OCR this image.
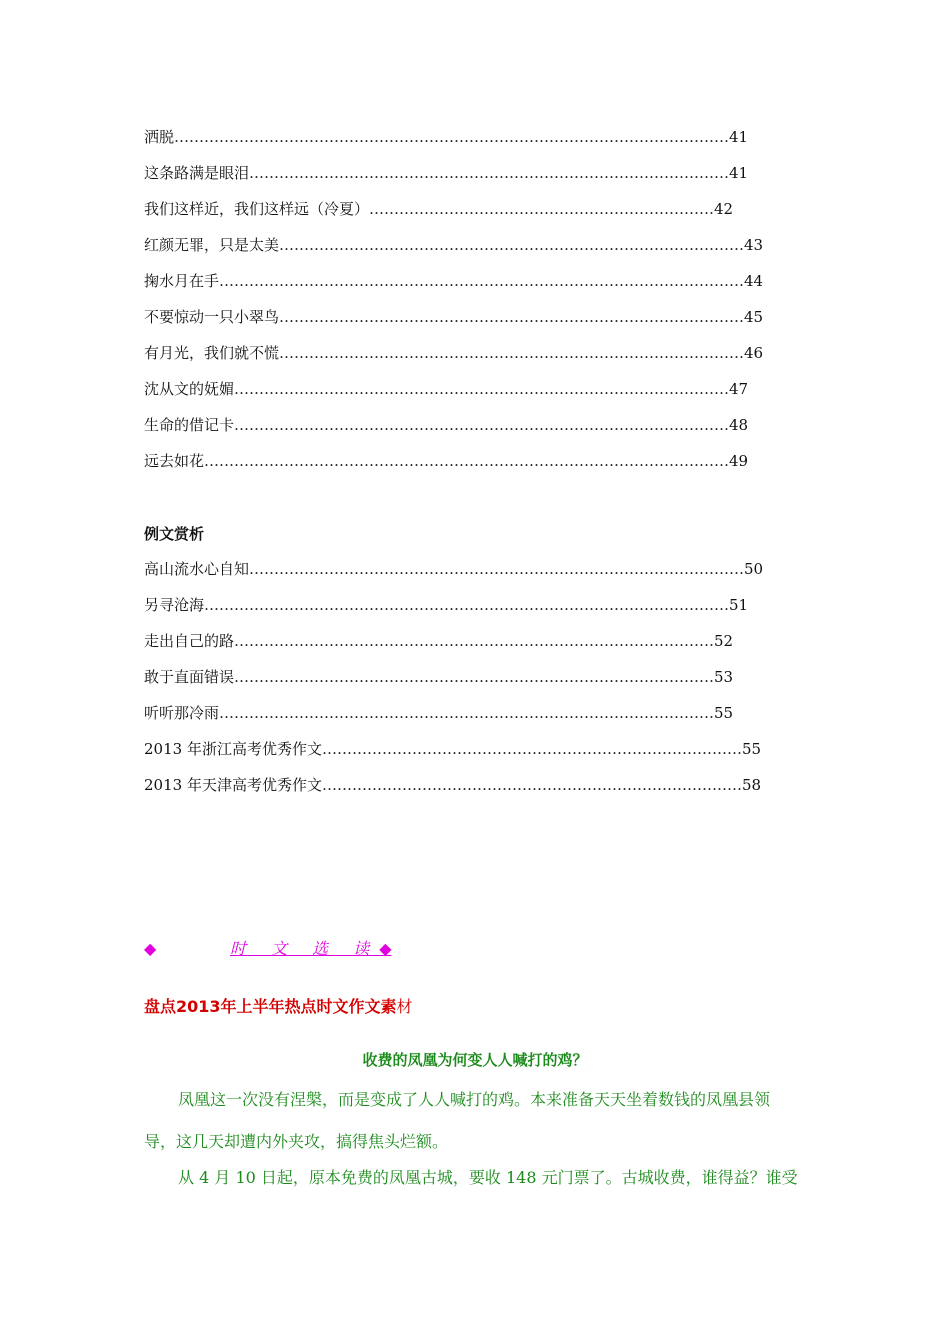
洒脱…………………………………………………………………………………………………41
这条路满是眼泪……………………………………………………………………………………41
我们这样近，我们这样远（冷夏）……………………………………………………………42
红颜无罪，只是太美…………………………………………………………………………………43
掬水月在手……………………………………………………………………………………………44
不要惊动一只小翠鸟…………………………………………………………………………………45
有月光，我们就不慌…………………………………………………………………………………46
沈从文的妩媚………………………………………………………………………………………47
生命的借记卡………………………………………………………………………………………48
远去如花……………………………………………………………………………………………49
例文赏析
高山流水心自知………………………………………………………………………………………50
另寻沧海……………………………………………………………………………………………51
走出自己的路……………………………………………………………………………………52
敢于直面错误……………………………………………………………………………………53
听听那冷雨………………………………………………………………………………………55
2013 年浙江高考优秀作文…………………………………………………………………………55
2013 年天津高考优秀作文…………………………………………………………………………58
◆	时 文 选 读◆
盘点2013年上半年热点时文作文素材
收费的凤凰为何变人人喊打的鸡？
凤凰这一次没有涅槃，而是变成了人人喊打的鸡。本来准备天天坐着数钱的凤凰县领
导，这几天却遭内外夹攻，搞得焦头烂额。
从 4 月 10 日起，原本免费的凤凰古城，要收 148 元门票了。古城收费，谁得益？谁受
